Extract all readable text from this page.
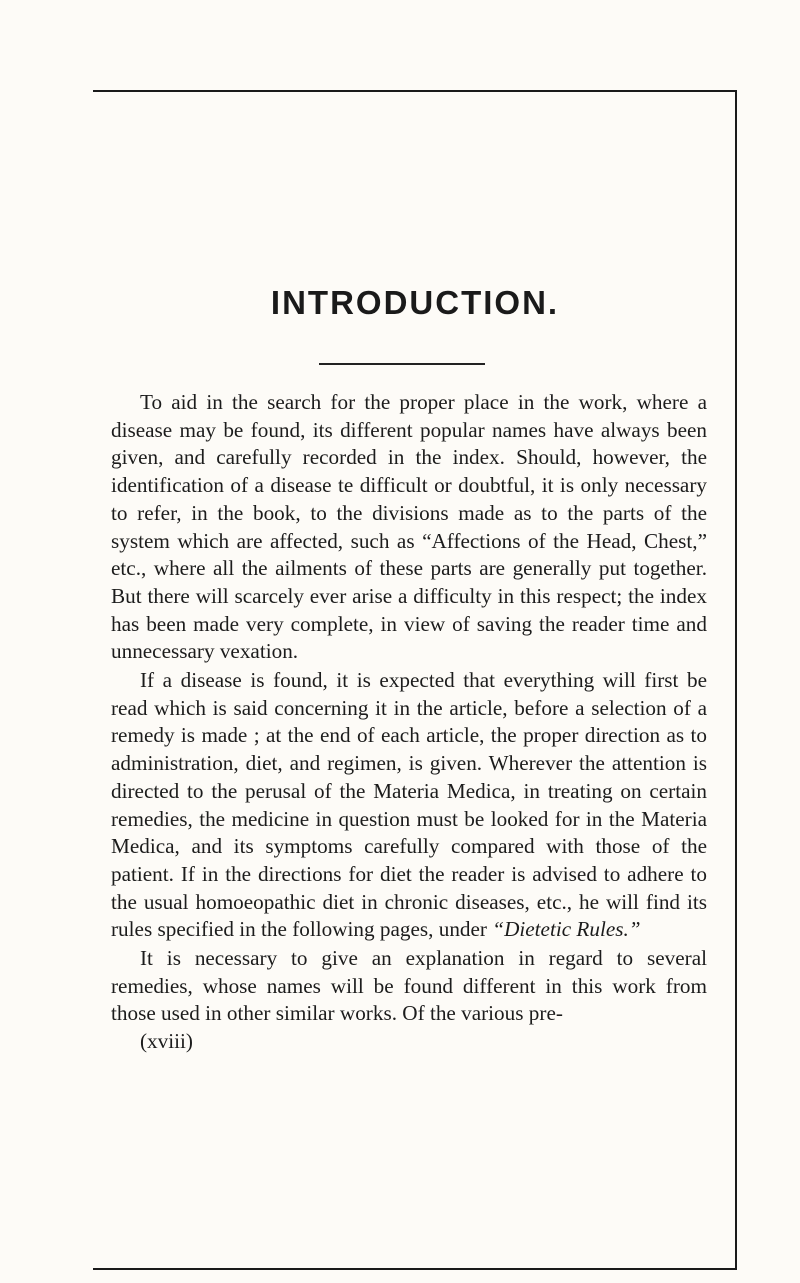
INTRODUCTION.

To aid in the search for the proper place in the work, where a disease may be found, its different popular names have always been given, and carefully recorded in the index. Should, however, the identification of a disease te difficult or doubtful, it is only necessary to refer, in the book, to the divisions made as to the parts of the system which are affected, such as “Affections of the Head, Chest,” etc., where all the ailments of these parts are generally put together. But there will scarcely ever arise a difficulty in this respect; the index has been made very complete, in view of saving the reader time and unnecessary vexation.

If a disease is found, it is expected that everything will first be read which is said concerning it in the article, before a selection of a remedy is made ; at the end of each article, the proper direction as to administration, diet, and regimen, is given. Wherever the attention is directed to the perusal of the Materia Medica, in treating on certain remedies, the medicine in question must be looked for in the Materia Medica, and its symptoms carefully compared with those of the patient. If in the directions for diet the reader is advised to adhere to the usual homoeopathic diet in chronic diseases, etc., he will find its rules specified in the following pages, under “Dietetic Rules.”

It is necessary to give an explanation in regard to several remedies, whose names will be found different in this work from those used in other similar works. Of the various pre-

(xviii)
